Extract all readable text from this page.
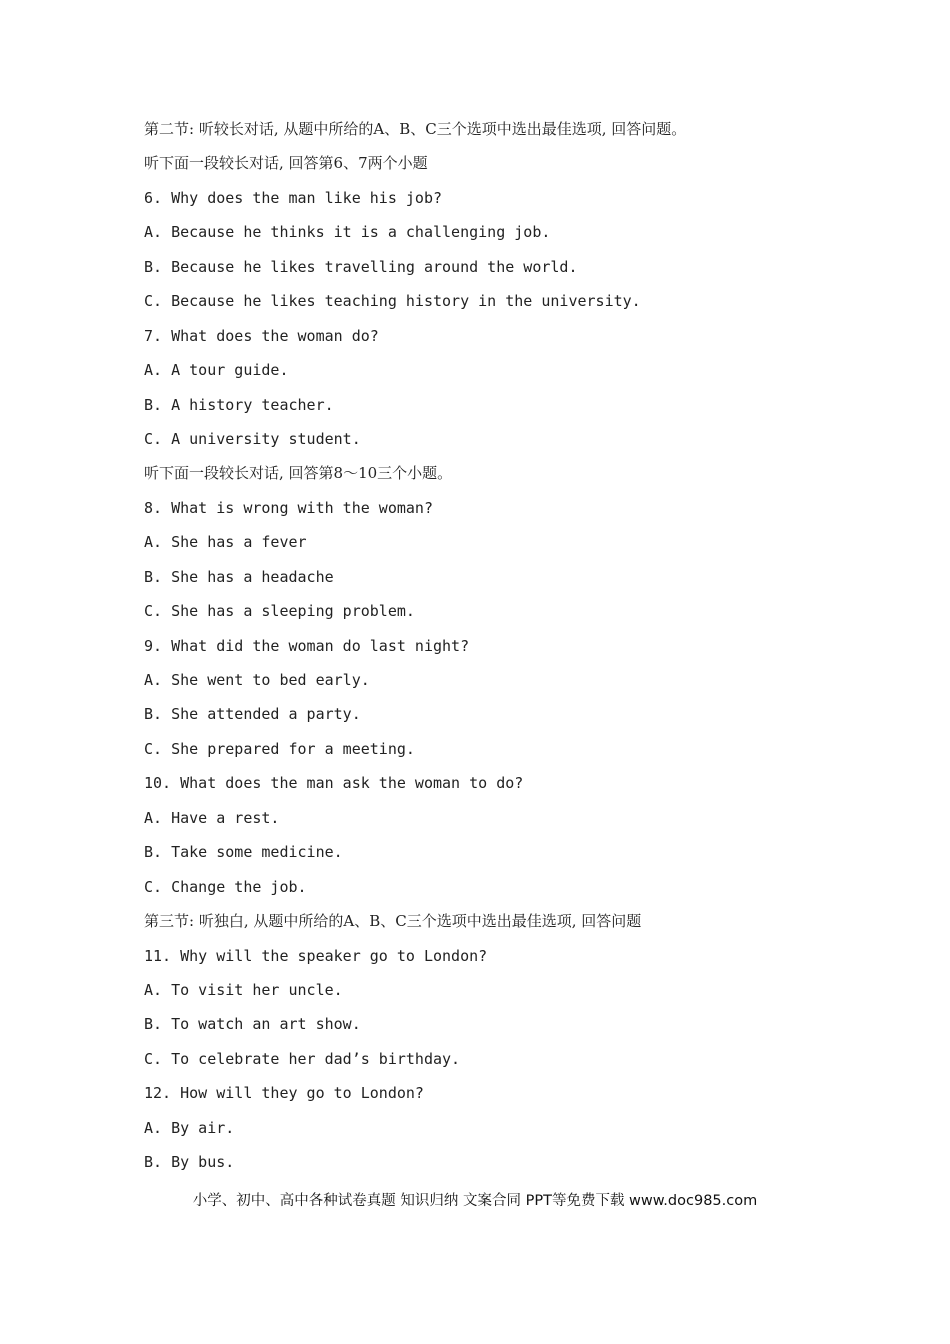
第二节: 听较长对话, 从题中所给的A、B、C三个选项中选出最佳选项, 回答问题。
听下面一段较长对话, 回答第6、7两个小题
6. Why does the man like his job?
A. Because he thinks it is a challenging job.
B. Because he likes travelling around the world.
C. Because he likes teaching history in the university.
7. What does the woman do?
A. A tour guide.
B. A history teacher.
C. A university student.
听下面一段较长对话, 回答第8～10三个小题。
8. What is wrong with the woman?
A. She has a fever
B. She has a headache
C. She has a sleeping problem.
9. What did the woman do last night?
A. She went to bed early.
B. She attended a party.
C. She prepared for a meeting.
10. What does the man ask the woman to do?
A. Have a rest.
B. Take some medicine.
C. Change the job.
第三节: 听独白, 从题中所给的A、B、C三个选项中选出最佳选项, 回答问题
11. Why will the speaker go to London?
A. To visit her uncle.
B. To watch an art show.
C. To celebrate her dad’s birthday.
12. How will they go to London?
A. By air.
B. By bus.
小学、初中、高中各种试卷真题 知识归纳 文案合同 PPT等免费下载 www.doc985.com
